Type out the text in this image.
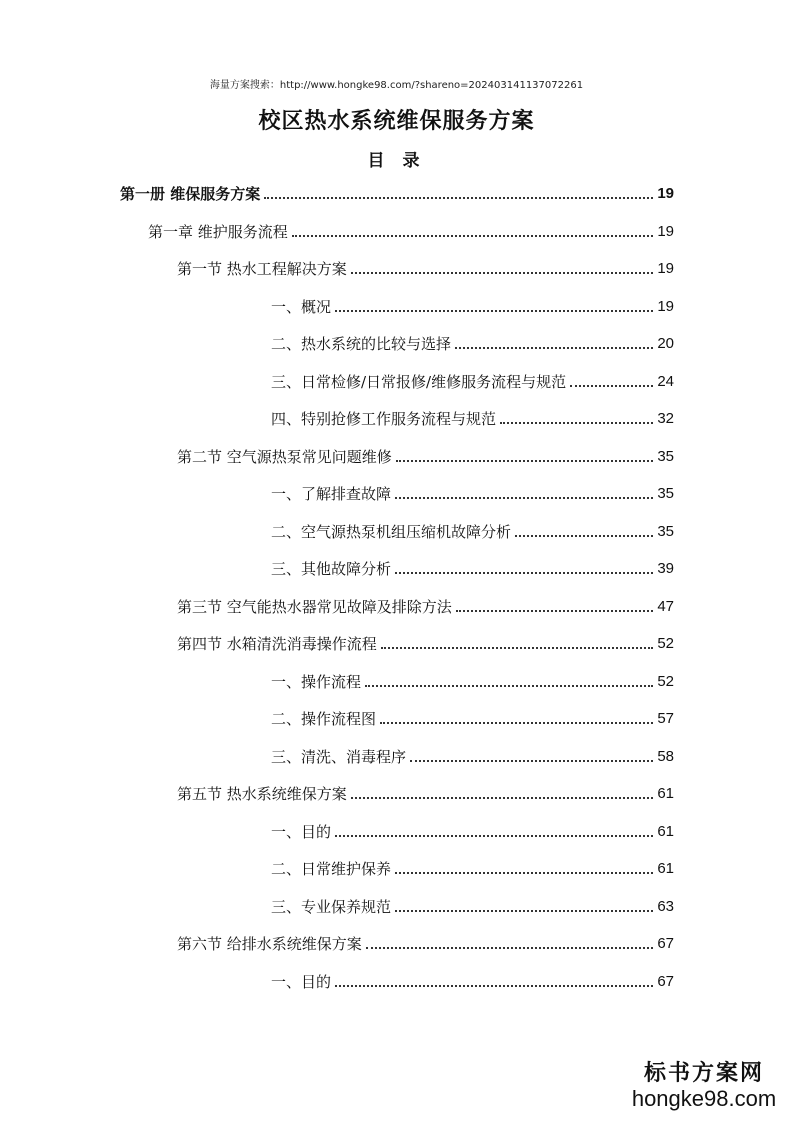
海量方案搜索：http://www.hongke98.com/?shareno=202403141137072261
校区热水系统维保服务方案
目 录
第一册 维保服务方案	19
第一章 维护服务流程	19
第一节 热水工程解决方案	19
一、概况	19
二、热水系统的比较与选择	20
三、日常检修/日常报修/维修服务流程与规范	24
四、特别抢修工作服务流程与规范	32
第二节 空气源热泵常见问题维修	35
一、了解排查故障	35
二、空气源热泵机组压缩机故障分析	35
三、其他故障分析	39
第三节 空气能热水器常见故障及排除方法	47
第四节 水箱清洗消毒操作流程	52
一、操作流程	52
二、操作流程图	57
三、清洗、消毒程序	58
第五节 热水系统维保方案	61
一、目的	61
二、日常维护保养	61
三、专业保养规范	63
第六节 给排水系统维保方案	67
一、目的	67
标书方案网
hongke98.com
